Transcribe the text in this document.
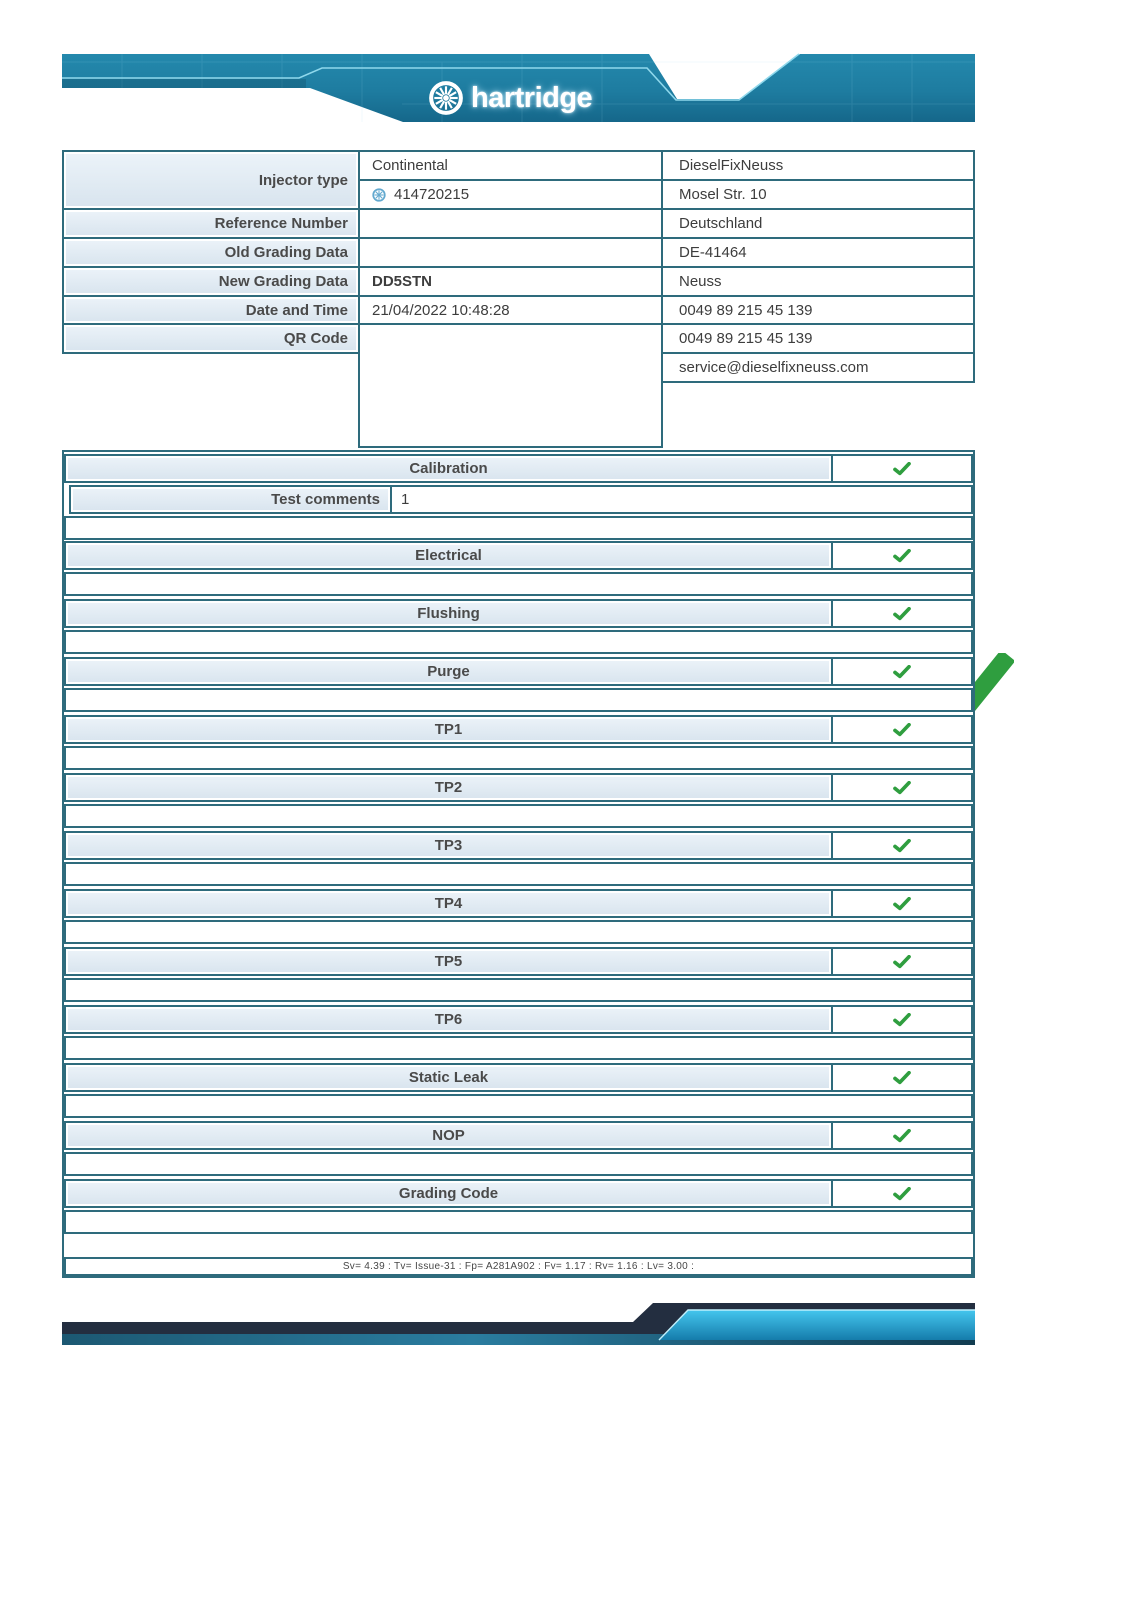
hartridge
Injector type
Reference Number
Old Grading Data
New Grading Data
Date and Time
QR Code
Continental
414720215
DD5STN
21/04/2022 10:48:28
DieselFixNeuss
Mosel Str. 10
Deutschland
DE-41464
Neuss
0049 89 215 45 139
0049 89 215 45 139
service@dieselfixneuss.com
Sv= 4.39 : Tv= Issue-31 : Fp= A281A902 : Fv= 1.17 : Rv= 1.16 : Lv= 3.00 :
Calibration
Test comments	1
Electrical
Flushing
Purge
TP1
TP2
TP3
TP4
TP5
TP6
Static Leak
NOP
Grading Code
